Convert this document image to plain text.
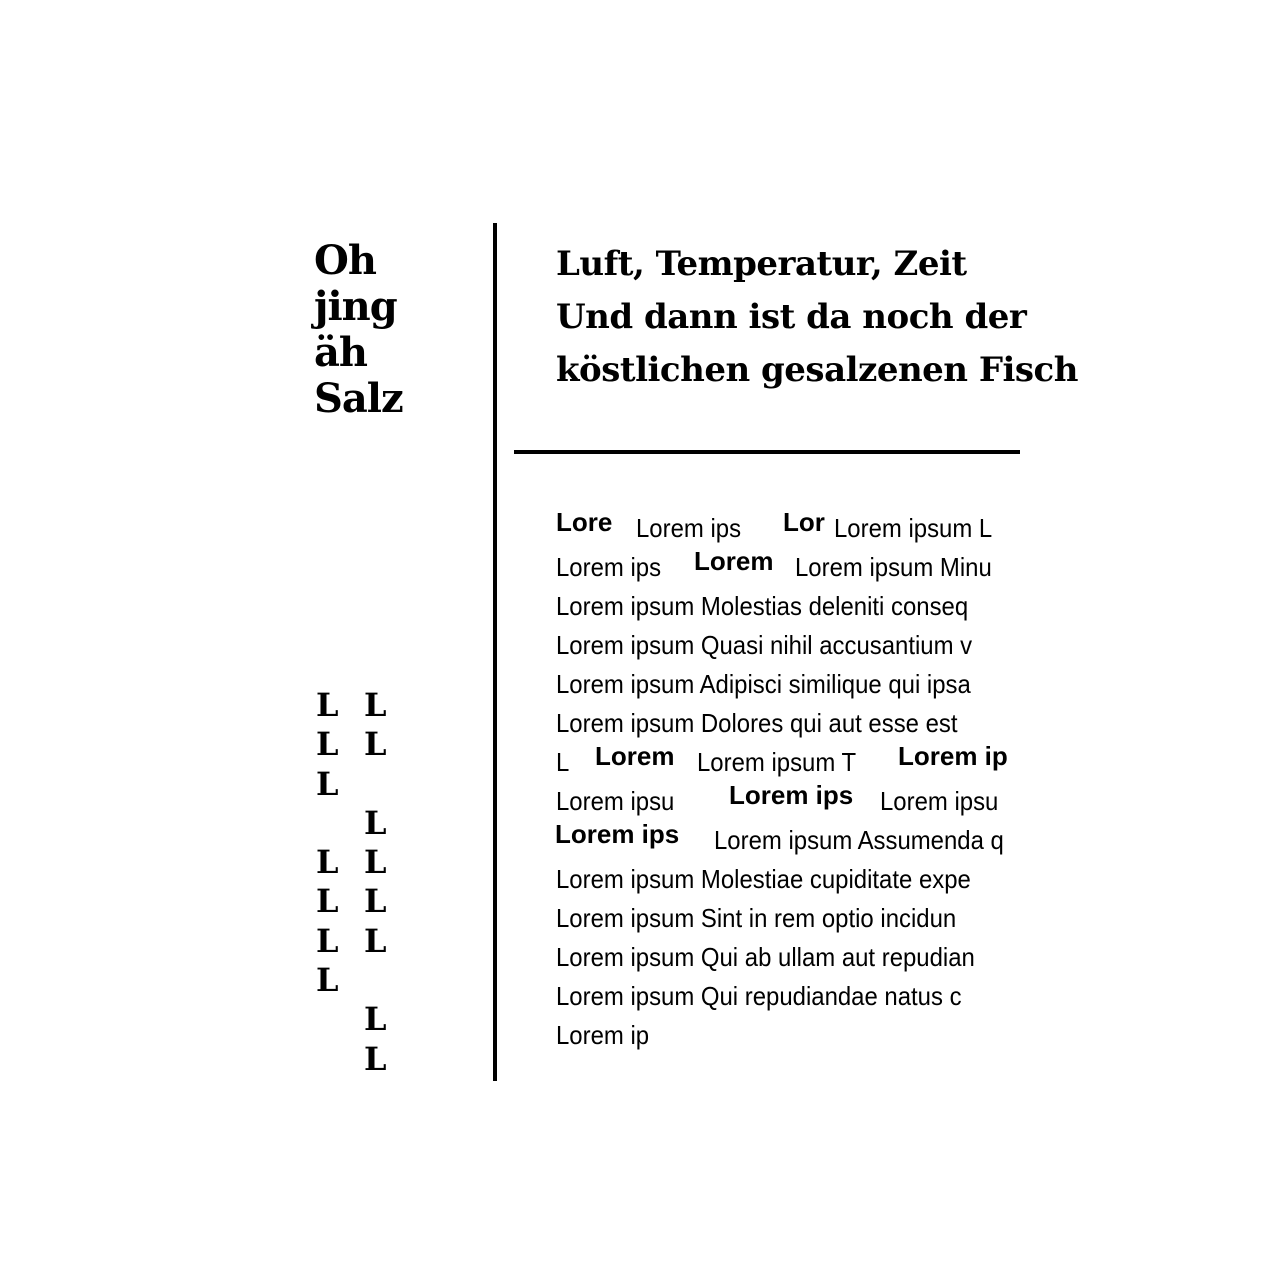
Oh
jing
äh
Salz
Luft, Temperatur, Zeit
Und dann ist da noch der
köstlichen gesalzenen Fisch
L
L
L
L
L
L
L
L
L
L
L
L
L
L
L
Lore Lorem ips Lor Lorem ipsum L
Lorem ips Lorem Lorem ipsum Minu
Lorem ipsum Molestias deleniti conseq
Lorem ipsum Quasi nihil accusantium v
Lorem ipsum Adipisci similique qui ipsa
Lorem ipsum Dolores qui aut esse est
L Lorem Lorem ipsum T Lorem ip
Lorem ipsu Lorem ips Lorem ipsu
Lorem ips Lorem ipsum Assumenda q
Lorem ipsum Molestiae cupiditate expe
Lorem ipsum Sint in rem optio incidun
Lorem ipsum Qui ab ullam aut repudian
Lorem ipsum Qui repudiandae natus c
Lorem ip
